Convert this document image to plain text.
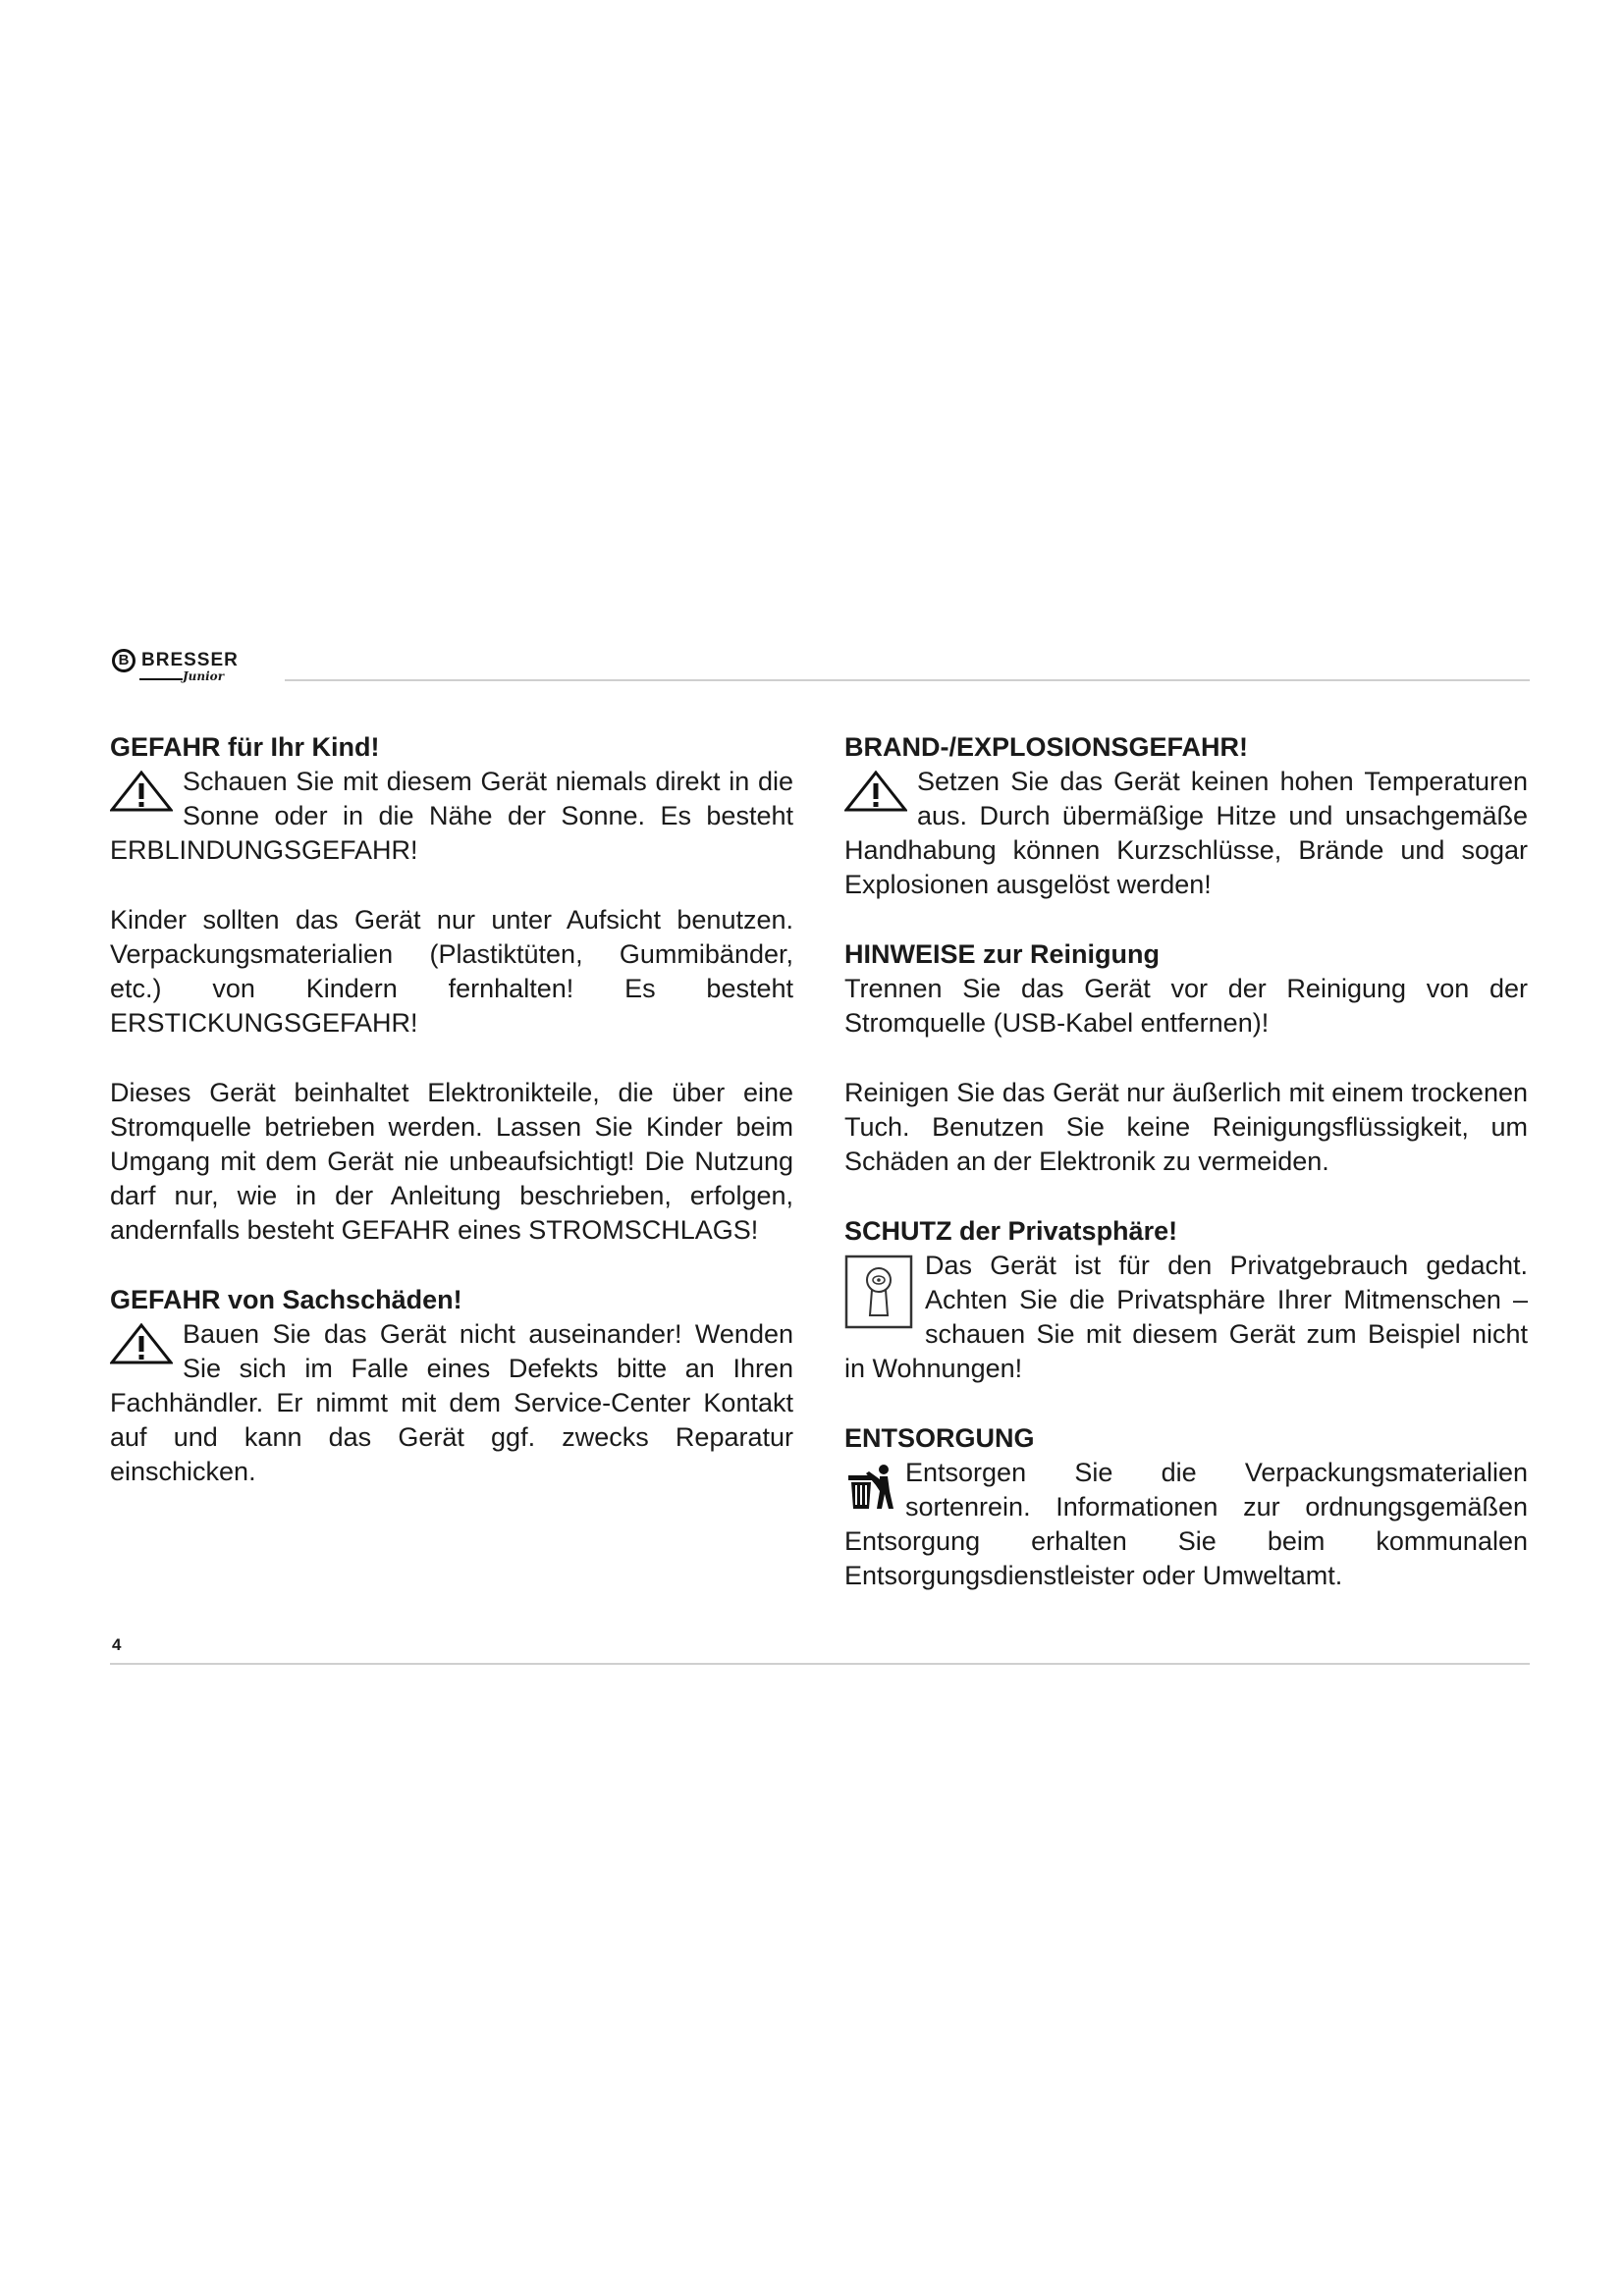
B BRESSER
Junior
GEFAHR für Ihr Kind!

Schauen Sie mit diesem Gerät niemals direkt in die Sonne oder in die Nähe der Sonne. Es besteht ERBLINDUNGSGEFAHR!

Kinder sollten das Gerät nur unter Aufsicht benutzen. Verpackungsmaterialien (Plastiktüten, Gummibänder, etc.) von Kindern fernhalten! Es besteht ERSTICKUNGSGEFAHR!

Dieses Gerät beinhaltet Elektronikteile, die über eine Stromquelle betrieben werden. Lassen Sie Kinder beim Umgang mit dem Gerät nie unbeaufsichtigt! Die Nutzung darf nur, wie in der Anleitung beschrieben, erfolgen, andernfalls besteht GEFAHR eines STROMSCHLAGS!

GEFAHR von Sachschäden!

Bauen Sie das Gerät nicht auseinander! Wenden Sie sich im Falle eines Defekts bitte an Ihren Fachhändler. Er nimmt mit dem Service-Center Kontakt auf und kann das Gerät ggf. zwecks Reparatur einschicken.

BRAND-/EXPLOSIONSGEFAHR!

Setzen Sie das Gerät keinen hohen Temperaturen aus. Durch übermäßige Hitze und unsachgemäße Handhabung können Kurzschlüsse, Brände und sogar Explosionen ausgelöst werden!

HINWEISE zur Reinigung

Trennen Sie das Gerät vor der Reinigung von der Stromquelle (USB-Kabel entfernen)!

Reinigen Sie das Gerät nur äußerlich mit einem trockenen Tuch. Benutzen Sie keine Reinigungsflüssigkeit, um Schäden an der Elektronik zu vermeiden.

SCHUTZ der Privatsphäre!

Das Gerät ist für den Privatgebrauch gedacht. Achten Sie die Privatsphäre Ihrer Mitmenschen – schauen Sie mit diesem Gerät zum Beispiel nicht in Wohnungen!

ENTSORGUNG

Entsorgen Sie die Verpackungsmaterialien sortenrein. Informationen zur ordnungsgemäßen Entsorgung erhalten Sie beim kommunalen Entsorgungsdienstleister oder Umweltamt.

4
